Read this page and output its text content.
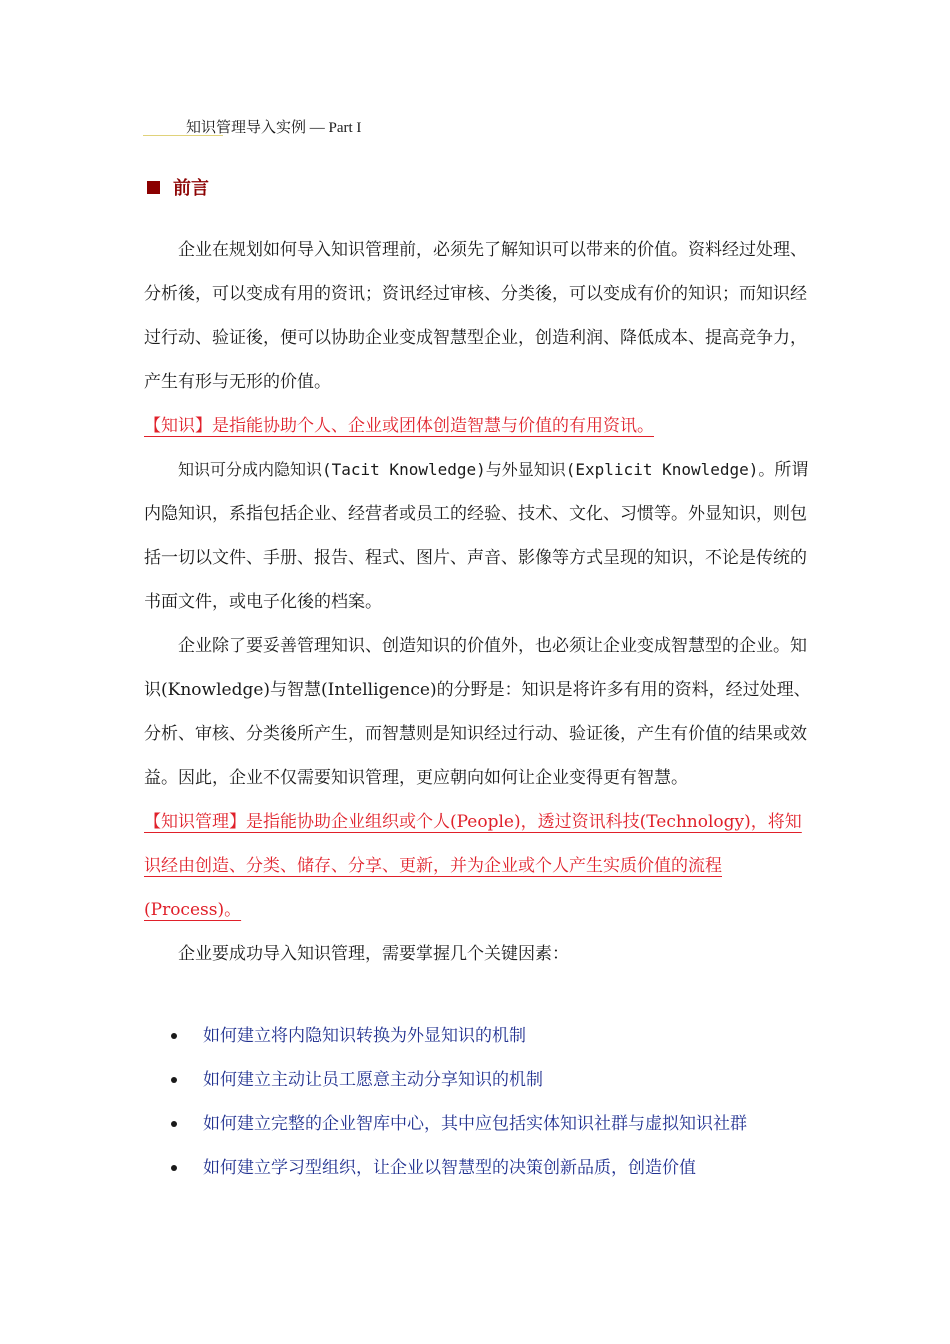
知识管理导入实例 — Part I
前言

企业在规划如何导入知识管理前，必须先了解知识可以带来的价值。资料经过处理、分析後，可以变成有用的资讯；资讯经过审核、分类後，可以变成有价的知识；而知识经过行动、验证後，便可以协助企业变成智慧型企业，创造利润、降低成本、提高竞争力，产生有形与无形的价值。

【知识】是指能协助个人、企业或团体创造智慧与价值的有用资讯。

知识可分成内隐知识(Tacit Knowledge)与外显知识(Explicit Knowledge)。所谓内隐知识，系指包括企业、经营者或员工的经验、技术、文化、习惯等。外显知识，则包括一切以文件、手册、报告、程式、图片、声音、影像等方式呈现的知识，不论是传统的书面文件，或电子化後的档案。

企业除了要妥善管理知识、创造知识的价值外，也必须让企业变成智慧型的企业。知识(Knowledge)与智慧(Intelligence)的分野是：知识是将许多有用的资料，经过处理、分析、审核、分类後所产生，而智慧则是知识经过行动、验证後，产生有价值的结果或效益。因此，企业不仅需要知识管理，更应朝向如何让企业变得更有智慧。

【知识管理】是指能协助企业组织或个人(People)，透过资讯科技(Technology)，将知识经由创造、分类、储存、分享、更新，并为企业或个人产生实质价值的流程(Process)。

企业要成功导入知识管理，需要掌握几个关键因素：

如何建立将内隐知识转换为外显知识的机制
如何建立主动让员工愿意主动分享知识的机制
如何建立完整的企业智库中心，其中应包括实体知识社群与虚拟知识社群
如何建立学习型组织，让企业以智慧型的决策创新品质，创造价值
